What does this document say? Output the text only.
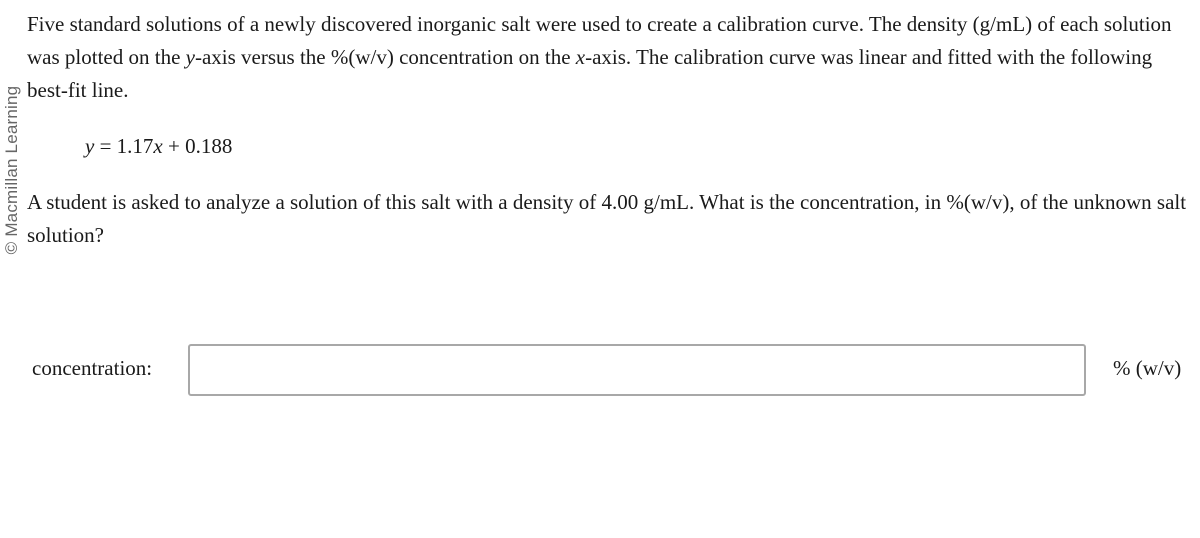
© Macmillan Learning

Five standard solutions of a newly discovered inorganic salt were used to create a calibration curve. The density (g/mL) of each solution was plotted on the y-axis versus the %(w/v) concentration on the x-axis. The calibration curve was linear and fitted with the following best-fit line.

y = 1.17x + 0.188

A student is asked to analyze a solution of this salt with a density of 4.00 g/mL. What is the concentration, in %(w/v), of the unknown salt solution?

concentration:	% (w/v)
